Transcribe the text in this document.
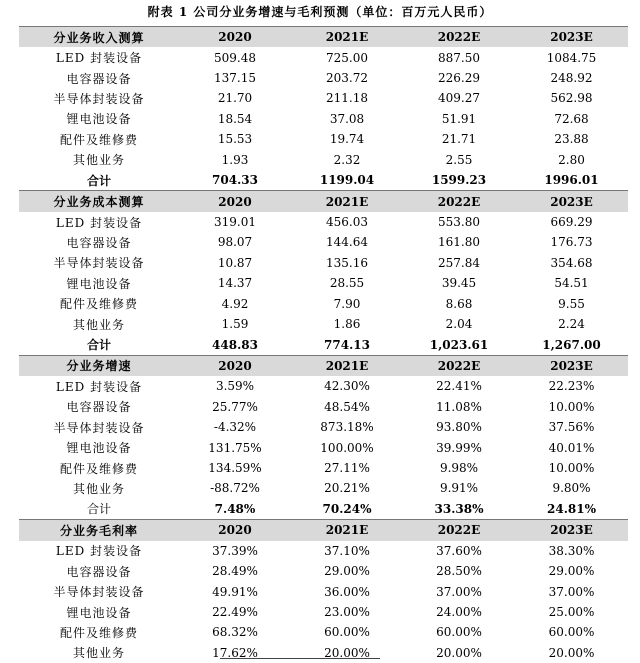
附表 1 公司分业务增速与毛利预测（单位：百万元人民币）
分业务收入测算	2020	2021E	2022E	2023E
LED 封装设备	509.48	725.00	887.50	1084.75
电容器设备	137.15	203.72	226.29	248.92
半导体封装设备	21.70	211.18	409.27	562.98
锂电池设备	18.54	37.08	51.91	72.68
配件及维修费	15.53	19.74	21.71	23.88
其他业务	1.93	2.32	2.55	2.80
合计	704.33	1199.04	1599.23	1996.01
分业务成本测算	2020	2021E	2022E	2023E
LED 封装设备	319.01	456.03	553.80	669.29
电容器设备	98.07	144.64	161.80	176.73
半导体封装设备	10.87	135.16	257.84	354.68
锂电池设备	14.37	28.55	39.45	54.51
配件及维修费	4.92	7.90	8.68	9.55
其他业务	1.59	1.86	2.04	2.24
合计	448.83	774.13	1,023.61	1,267.00
分业务增速	2020	2021E	2022E	2023E
LED 封装设备	3.59%	42.30%	22.41%	22.23%
电容器设备	25.77%	48.54%	11.08%	10.00%
半导体封装设备	-4.32%	873.18%	93.80%	37.56%
锂电池设备	131.75%	100.00%	39.99%	40.01%
配件及维修费	134.59%	27.11%	9.98%	10.00%
其他业务	-88.72%	20.21%	9.91%	9.80%
合计	7.48%	70.24%	33.38%	24.81%
分业务毛利率	2020	2021E	2022E	2023E
LED 封装设备	37.39%	37.10%	37.60%	38.30%
电容器设备	28.49%	29.00%	28.50%	29.00%
半导体封装设备	49.91%	36.00%	37.00%	37.00%
锂电池设备	22.49%	23.00%	24.00%	25.00%
配件及维修费	68.32%	60.00%	60.00%	60.00%
其他业务	17.62%	20.00%	20.00%	20.00%
